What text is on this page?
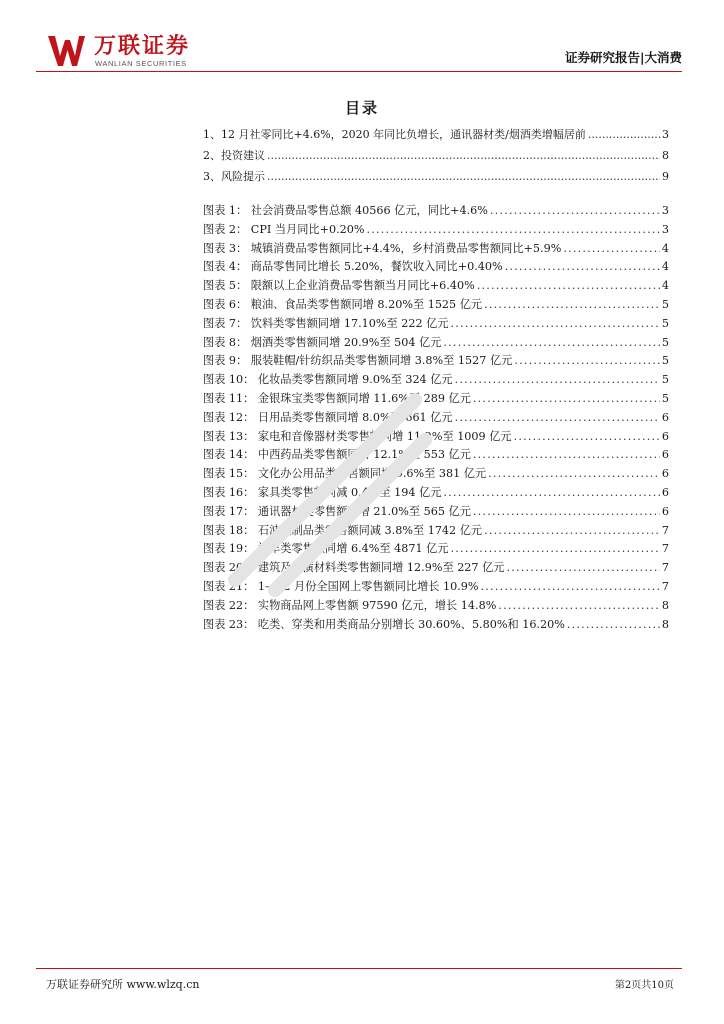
万联证券
WANLIAN SECURITIES	证券研究报告|大消费
目录
1、12 月社零同比+4.6%，2020 年同比负增长，通讯器材类/烟酒类增幅居前 .....	3
2、投资建议 .....	8
3、风险提示 .....	9
图表 1： 社会消费品零售总额 40566 亿元，同比+4.6% .....	3
图表 2： CPI 当月同比+0.20% .....	3
图表 3： 城镇消费品零售额同比+4.4%，乡村消费品零售额同比+5.9% .....	4
图表 4： 商品零售同比增长 5.20%，餐饮收入同比+0.40% .....	4
图表 5： 限额以上企业消费品零售额当月同比+6.40% .....	4
图表 6： 粮油、食品类零售额同增 8.20%至 1525 亿元 .....	5
图表 7： 饮料类零售额同增 17.10%至 222 亿元 .....	5
图表 8： 烟酒类零售额同增 20.9%至 504 亿元 .....	5
图表 9： 服装鞋帽/针纺织品类零售额同增 3.8%至 1527 亿元 .....	5
图表 10： 化妆品类零售额同增 9.0%至 324 亿元 .....	5
图表 11： 金银珠宝类零售额同增 11.6%至 289 亿元 .....	5
图表 12： 日用品类零售额同增 8.0%至 661 亿元 .....	6
图表 13： 家电和音像器材类零售额同增 11.2%至 1009 亿元 .....	6
图表 14： 中西药品类零售额同增 12.1%至 553 亿元 .....	6
图表 15： 文化办公用品类零售额同增 9.6%至 381 亿元 .....	6
图表 16： 家具类零售额同减 0.4%至 194 亿元 .....	6
图表 17： 通讯器材类零售额同增 21.0%至 565 亿元 .....	6
图表 18： 石油及制品类零售额同减 3.8%至 1742 亿元 .....	7
图表 19： 汽车类零售额同增 6.4%至 4871 亿元 .....	7
图表 20： 建筑及装潢材料类零售额同增 12.9%至 227 亿元 .....	7
图表 21： 1—12 月份全国网上零售额同比增长 10.9% .....	7
图表 22： 实物商品网上零售额 97590 亿元，增长 14.8% .....	8
图表 23： 吃类、穿类和用类商品分别增长 30.60%、5.80%和 16.20% .....	8
万联证券研究所 www.wlzq.cn	第2页共10页
